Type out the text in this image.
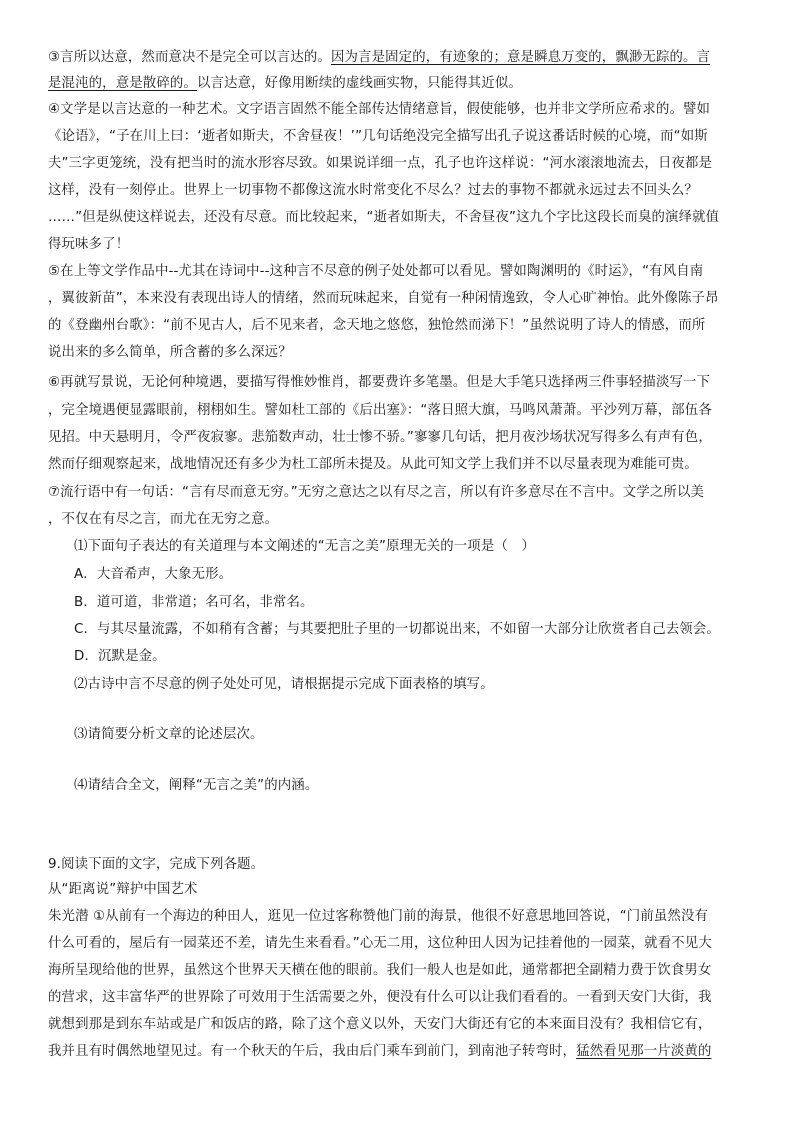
③言所以达意，然而意决不是完全可以言达的。因为言是固定的，有迹象的；意是瞬息万变的，飘渺无踪的。言
是混沌的，意是散碎的。以言达意，好像用断续的虚线画实物，只能得其近似。
④文学是以言达意的一种艺术。文字语言固然不能全部传达情绪意旨，假使能够，也并非文学所应希求的。譬如
《论语》，“子在川上曰：‘逝者如斯夫，不舍昼夜！’”几句话绝没完全描写出孔子说这番话时候的心境，而“如斯
夫”三字更笼统，没有把当时的流水形容尽致。如果说详细一点，孔子也许这样说：“河水滚滚地流去，日夜都是
这样，没有一刻停止。世界上一切事物不都像这流水时常变化不尽么？过去的事物不都就永远过去不回头么？
……”但是纵使这样说去，还没有尽意。而比较起来，“逝者如斯夫，不舍昼夜”这九个字比这段长而臭的演绎就值
得玩味多了！
⑤在上等文学作品中--尤其在诗词中--这种言不尽意的例子处处都可以看见。譬如陶渊明的《时运》，“有风自南
，翼彼新苗”，本来没有表现出诗人的情绪，然而玩味起来，自觉有一种闲情逸致，令人心旷神怡。此外像陈子昂
的《登幽州台歌》：“前不见古人，后不见来者，念天地之悠悠，独怆然而涕下！”虽然说明了诗人的情感，而所
说出来的多么简单，所含蓄的多么深远？
⑥再就写景说，无论何种境遇，要描写得惟妙惟肖，都要费许多笔墨。但是大手笔只选择两三件事轻描淡写一下
，完全境遇便显露眼前，栩栩如生。譬如杜工部的《后出塞》：“落日照大旗，马鸣风萧萧。平沙列万幕，部伍各
见招。中天悬明月，令严夜寂寥。悲笳数声动，壮士惨不骄。”寥寥几句话，把月夜沙场状况写得多么有声有色，
然而仔细观察起来，战地情况还有多少为杜工部所未提及。从此可知文学上我们并不以尽量表现为难能可贵。
⑦流行语中有一句话：“言有尽而意无穷。”无穷之意达之以有尽之言，所以有许多意尽在不言中。文学之所以美
，不仅在有尽之言，而尤在无穷之意。
⑴下面句子表达的有关道理与本文阐述的“无言之美”原理无关的一项是（　）
A．大音希声，大象无形。
B．道可道，非常道；名可名，非常名。
C．与其尽量流露，不如稍有含蓄；与其要把肚子里的一切都说出来，不如留一大部分让欣赏者自己去领会。
D．沉默是金。
⑵古诗中言不尽意的例子处处可见，请根据提示完成下面表格的填写。
⑶请简要分析文章的论述层次。
⑷请结合全文，阐释“无言之美”的内涵。
9.阅读下面的文字，完成下列各题。
从“距离说”辩护中国艺术
朱光潜 ①从前有一个海边的种田人，逛见一位过客称赞他门前的海景，他很不好意思地回答说，“门前虽然没有
什么可看的，屋后有一园菜还不差，请先生来看看。”心无二用，这位种田人因为记挂着他的一园菜，就看不见大
海所呈现给他的世界，虽然这个世界天天横在他的眼前。我们一般人也是如此，通常都把全副精力费于饮食男女
的营求，这丰富华严的世界除了可效用于生活需要之外，便没有什么可以让我们看看的。一看到天安门大街，我
就想到那是到东车站或是广和饭店的路，除了这个意义以外，天安门大街还有它的本来面目没有？我相信它有，
我并且有时偶然地望见过。有一个秋天的午后，我由后门乘车到前门，到南池子转弯时，猛然看见那一片淡黄的
